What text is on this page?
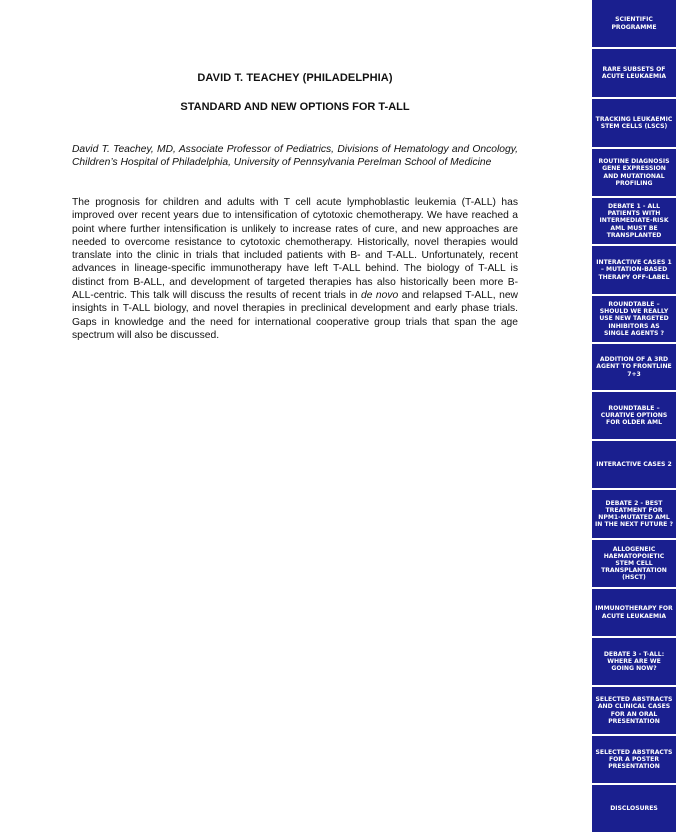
DAVID T. TEACHEY (PHILADELPHIA)
STANDARD AND NEW OPTIONS FOR T-ALL
David T. Teachey, MD, Associate Professor of Pediatrics, Divisions of Hematology and Oncology, Children’s Hospital of Philadelphia, University of Pennsylvania Perelman School of Medicine
The prognosis for children and adults with T cell acute lymphoblastic leukemia (T-ALL) has improved over recent years due to intensification of cytotoxic chemotherapy. We have reached a point where further intensification is unlikely to increase rates of cure, and new approaches are needed to overcome resistance to cytotoxic chemotherapy. Historically, novel therapies would translate into the clinic in trials that included patients with B- and T-ALL. Unfortunately, recent advances in lineage-specific immunotherapy have left T-ALL behind. The biology of T-ALL is distinct from B-ALL, and development of targeted therapies has also historically been more B-ALL-centric. This talk will discuss the results of recent trials in de novo and relapsed T-ALL, new insights in T-ALL biology, and novel therapies in preclinical development and early phase trials. Gaps in knowledge and the need for international cooperative group trials that span the age spectrum will also be discussed.
SCIENTIFIC PROGRAMME
RARE SUBSETS OF ACUTE LEUKAEMIA
TRACKING LEUKAEMIC STEM CELLS (LSCS)
ROUTINE DIAGNOSIS GENE EXPRESSION AND MUTATIONAL PROFILING
DEBATE 1 - ALL PATIENTS WITH INTERMEDIATE-RISK AML MUST BE TRANSPLANTED
INTERACTIVE CASES 1 – MUTATION-BASED THERAPY OFF-LABEL
ROUNDTABLE – SHOULD WE REALLY USE NEW TARGETED INHIBITORS AS SINGLE AGENTS ?
ADDITION OF A 3RD AGENT TO FRONTLINE 7+3
ROUNDTABLE – CURATIVE OPTIONS FOR OLDER AML
INTERACTIVE CASES 2
DEBATE 2 - BEST TREATMENT FOR NPM1-MUTATED AML IN THE NEXT FUTURE ?
ALLOGENEIC HAEMATOPOIETIC STEM CELL TRANSPLANTATION (HSCT)
IMMUNOTHERAPY FOR ACUTE LEUKAEMIA
DEBATE 3 - T-ALL: WHERE ARE WE GOING NOW?
SELECTED ABSTRACTS AND CLINICAL CASES FOR AN ORAL PRESENTATION
SELECTED ABSTRACTS FOR A POSTER PRESENTATION
DISCLOSURES
